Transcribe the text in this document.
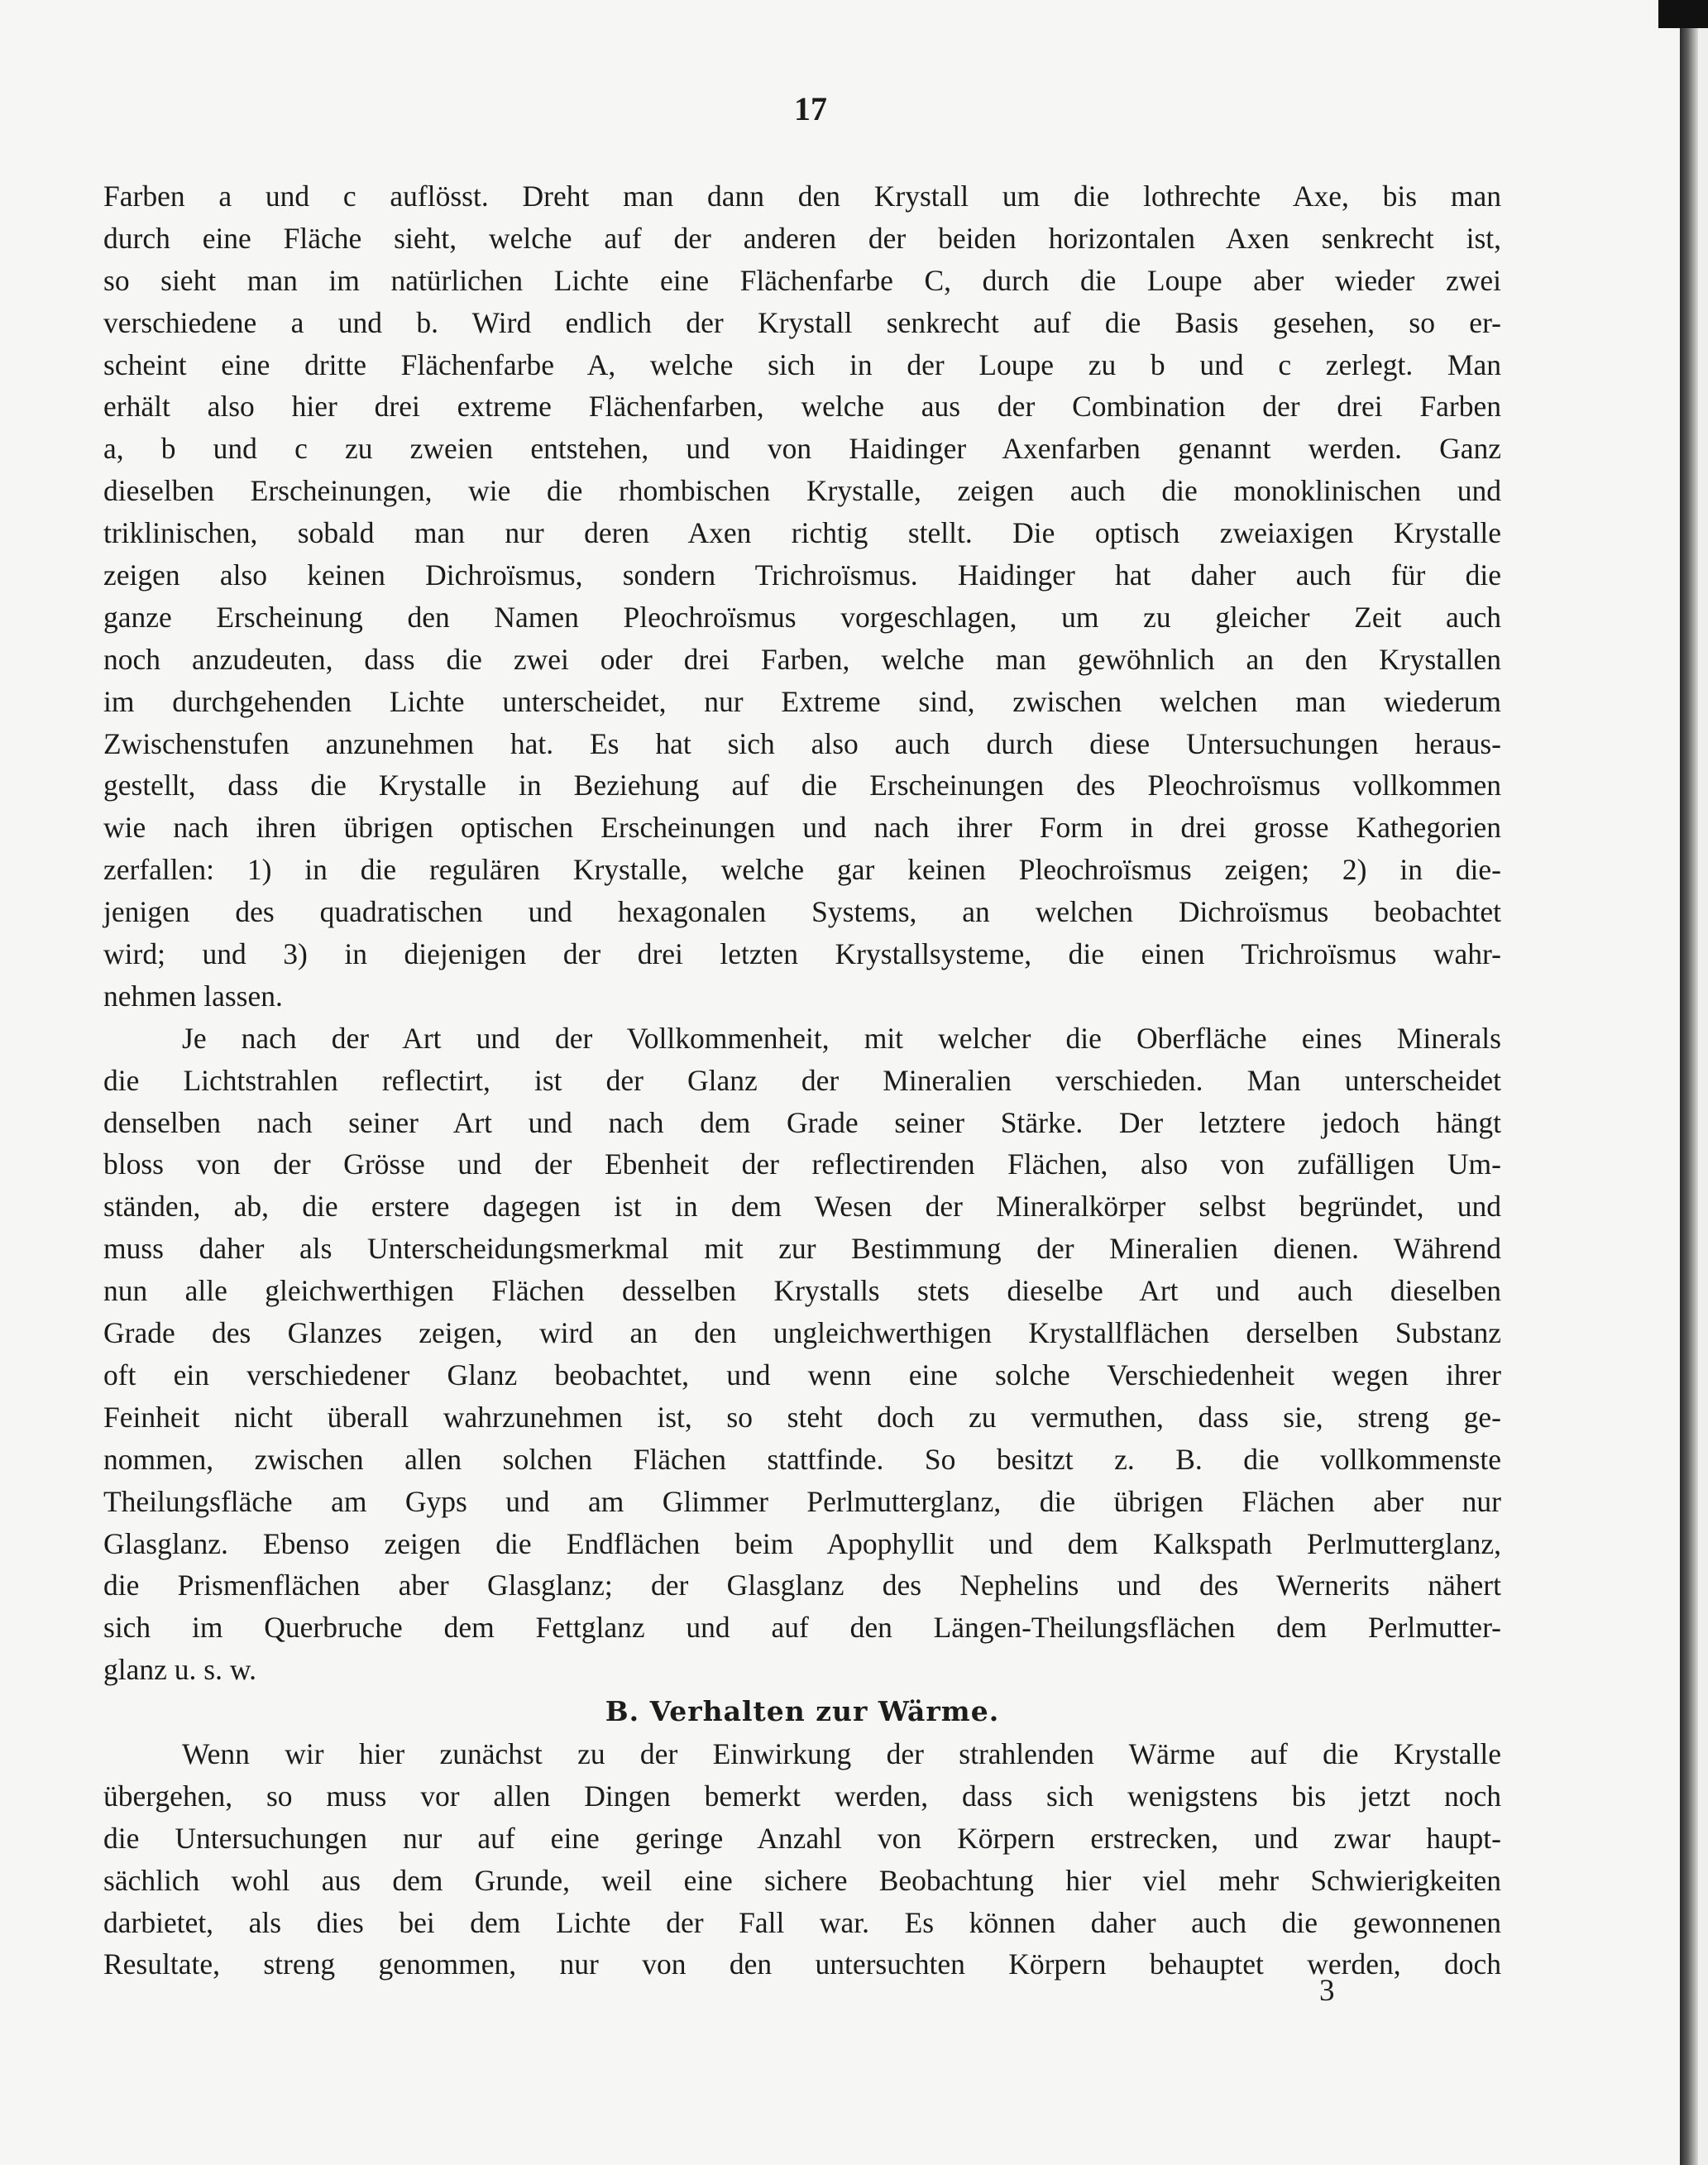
17
Farben a und c auflösst. Dreht man dann den Krystall um die lothrechte Axe, bis man
durch eine Fläche sieht, welche auf der anderen der beiden horizontalen Axen senkrecht ist,
so sieht man im natürlichen Lichte eine Flächenfarbe C, durch die Loupe aber wieder zwei
verschiedene a und b. Wird endlich der Krystall senkrecht auf die Basis gesehen, so er-
scheint eine dritte Flächenfarbe A, welche sich in der Loupe zu b und c zerlegt. Man
erhält also hier drei extreme Flächenfarben, welche aus der Combination der drei Farben
a, b und c zu zweien entstehen, und von Haidinger Axenfarben genannt werden. Ganz
dieselben Erscheinungen, wie die rhombischen Krystalle, zeigen auch die monoklinischen und
triklinischen, sobald man nur deren Axen richtig stellt. Die optisch zweiaxigen Krystalle
zeigen also keinen Dichroïsmus, sondern Trichroïsmus. Haidinger hat daher auch für die
ganze Erscheinung den Namen Pleochroïsmus vorgeschlagen, um zu gleicher Zeit auch
noch anzudeuten, dass die zwei oder drei Farben, welche man gewöhnlich an den Krystallen
im durchgehenden Lichte unterscheidet, nur Extreme sind, zwischen welchen man wiederum
Zwischenstufen anzunehmen hat. Es hat sich also auch durch diese Untersuchungen heraus-
gestellt, dass die Krystalle in Beziehung auf die Erscheinungen des Pleochroïsmus vollkommen
wie nach ihren übrigen optischen Erscheinungen und nach ihrer Form in drei grosse Kathegorien
zerfallen: 1) in die regulären Krystalle, welche gar keinen Pleochroïsmus zeigen; 2) in die-
jenigen des quadratischen und hexagonalen Systems, an welchen Dichroïsmus beobachtet
wird; und 3) in diejenigen der drei letzten Krystallsysteme, die einen Trichroïsmus wahr-
nehmen lassen.
Je nach der Art und der Vollkommenheit, mit welcher die Oberfläche eines Minerals
die Lichtstrahlen reflectirt, ist der Glanz der Mineralien verschieden. Man unterscheidet
denselben nach seiner Art und nach dem Grade seiner Stärke. Der letztere jedoch hängt
bloss von der Grösse und der Ebenheit der reflectirenden Flächen, also von zufälligen Um-
ständen, ab, die erstere dagegen ist in dem Wesen der Mineralkörper selbst begründet, und
muss daher als Unterscheidungsmerkmal mit zur Bestimmung der Mineralien dienen. Während
nun alle gleichwerthigen Flächen desselben Krystalls stets dieselbe Art und auch dieselben
Grade des Glanzes zeigen, wird an den ungleichwerthigen Krystallflächen derselben Substanz
oft ein verschiedener Glanz beobachtet, und wenn eine solche Verschiedenheit wegen ihrer
Feinheit nicht überall wahrzunehmen ist, so steht doch zu vermuthen, dass sie, streng ge-
nommen, zwischen allen solchen Flächen stattfinde. So besitzt z. B. die vollkommenste
Theilungsfläche am Gyps und am Glimmer Perlmutterglanz, die übrigen Flächen aber nur
Glasglanz. Ebenso zeigen die Endflächen beim Apophyllit und dem Kalkspath Perlmutterglanz,
die Prismenflächen aber Glasglanz; der Glasglanz des Nephelins und des Wernerits nähert
sich im Querbruche dem Fettglanz und auf den Längen-Theilungsflächen dem Perlmutter-
glanz u. s. w.
B. Verhalten zur Wärme.
Wenn wir hier zunächst zu der Einwirkung der strahlenden Wärme auf die Krystalle
übergehen, so muss vor allen Dingen bemerkt werden, dass sich wenigstens bis jetzt noch
die Untersuchungen nur auf eine geringe Anzahl von Körpern erstrecken, und zwar haupt-
sächlich wohl aus dem Grunde, weil eine sichere Beobachtung hier viel mehr Schwierigkeiten
darbietet, als dies bei dem Lichte der Fall war. Es können daher auch die gewonnenen
Resultate, streng genommen, nur von den untersuchten Körpern behauptet werden, doch
3
